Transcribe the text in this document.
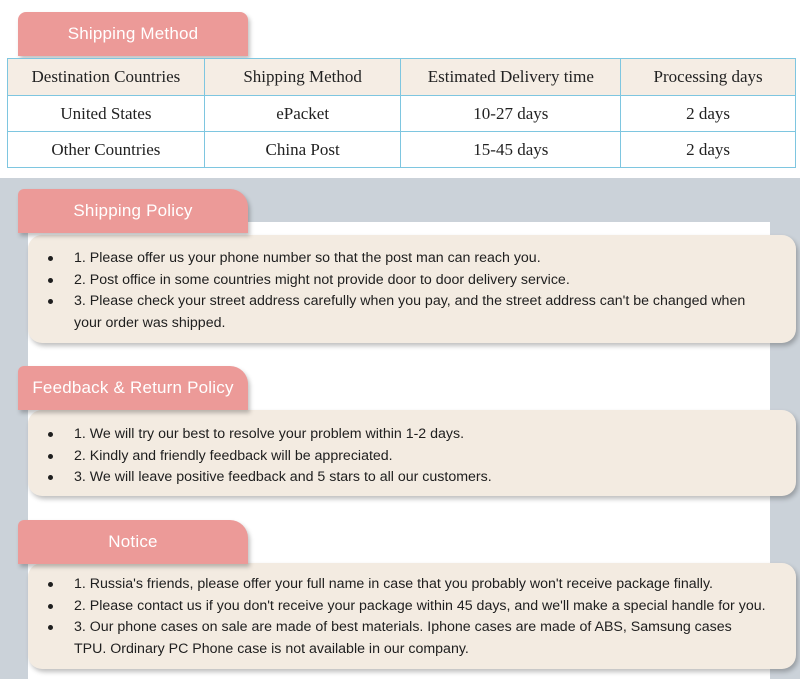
Shipping Method
Destination Countries	Shipping Method	Estimated Delivery time	Processing days
United States	ePacket	10-27 days	2 days
Other Countries	China Post	15-45 days	2 days
1. Please offer us your phone number so that the post man can reach you.
2. Post office in some countries might not provide door to door delivery service.
3. Please check your street address carefully when you pay, and the street address can't be changed when your order was shipped.
Shipping Policy
1. We will try our best to resolve your problem within 1-2 days.
2. Kindly and friendly feedback will be appreciated.
3. We will leave positive feedback and 5 stars to all our customers.
Feedback & Return Policy
1. Russia's friends, please offer your full name in case that you probably won't receive package finally.
2. Please contact us if you don't receive your package within 45 days, and we'll make a special handle for you.
3. Our phone cases on sale are made of best materials. Iphone cases are made of ABS, Samsung cases TPU. Ordinary PC Phone case is not available in our company.
Notice
